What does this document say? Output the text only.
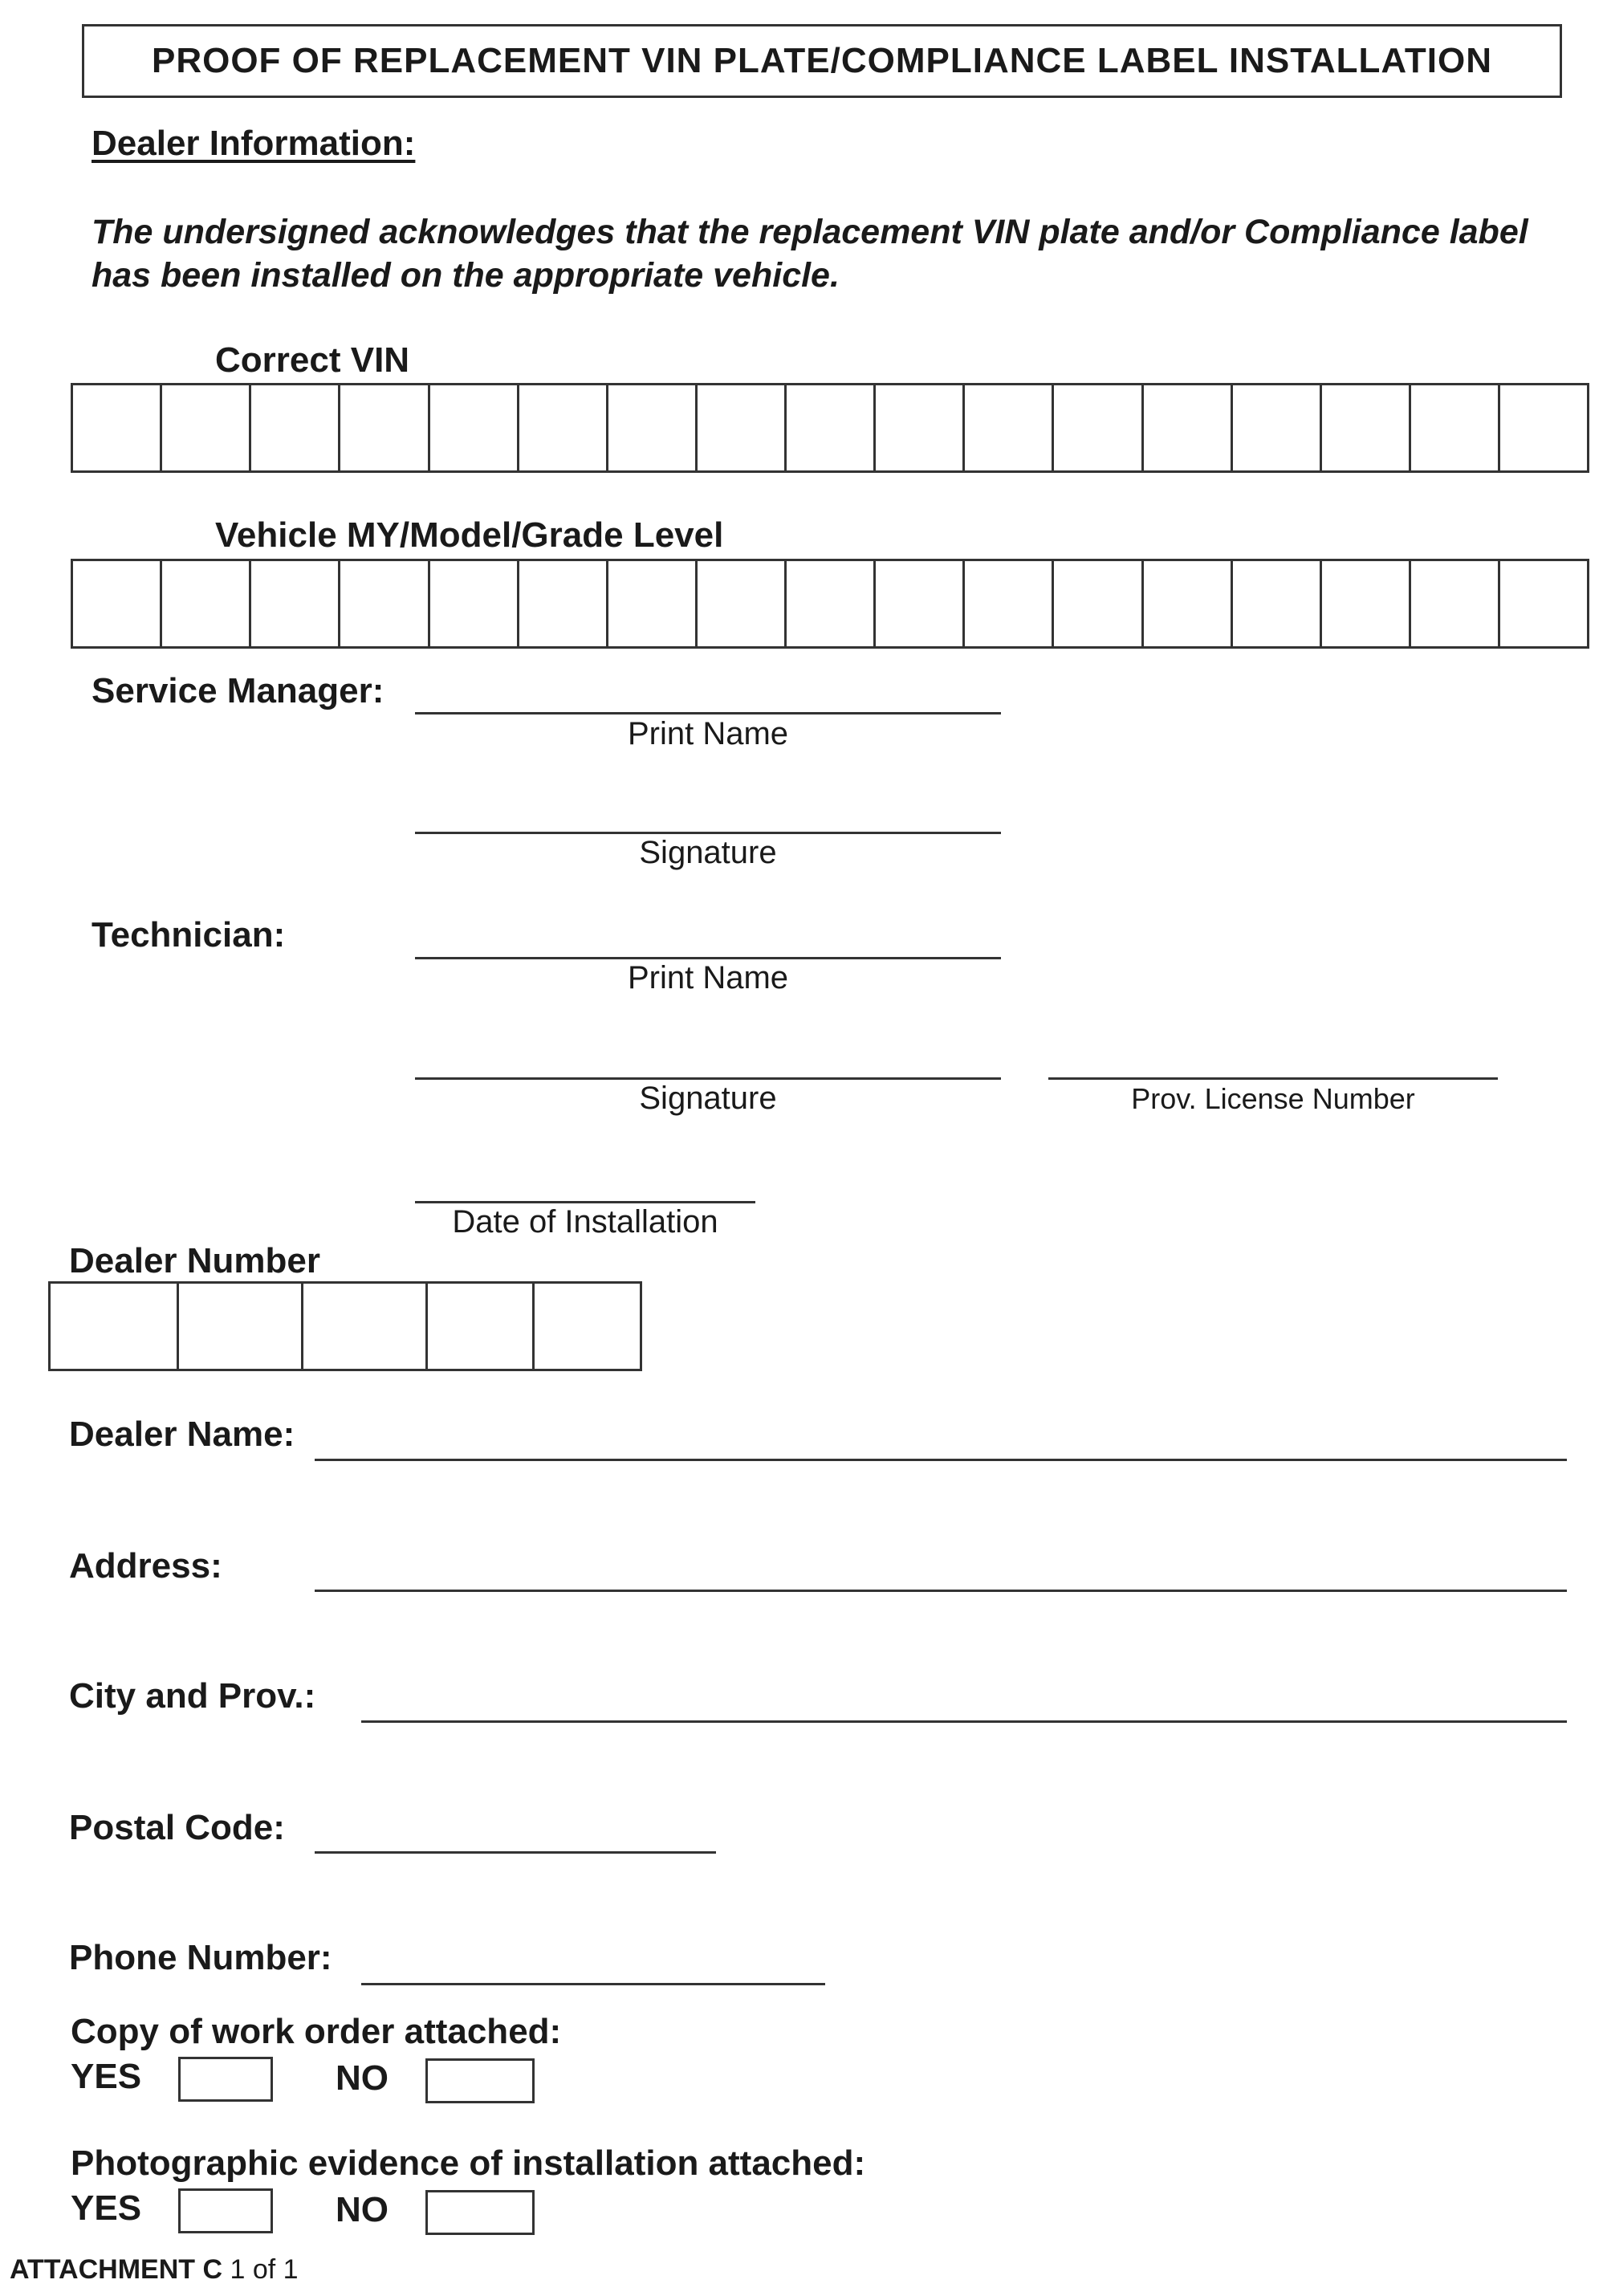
PROOF OF REPLACEMENT VIN PLATE/COMPLIANCE LABEL INSTALLATION
Dealer Information:
The undersigned acknowledges that the replacement VIN plate and/or Compliance label has been installed on the appropriate vehicle.
Correct VIN
Vehicle MY/Model/Grade Level
Service Manager:
Print Name
Signature
Technician:
Print Name
Signature	Prov. License Number
Date of Installation
Dealer Number
Dealer Name:
Address:
City and Prov.:
Postal Code:
Phone Number:
Copy of work order attached:
YES	NO
Photographic evidence of installation attached:
YES	NO
ATTACHMENT C 1 of 1
